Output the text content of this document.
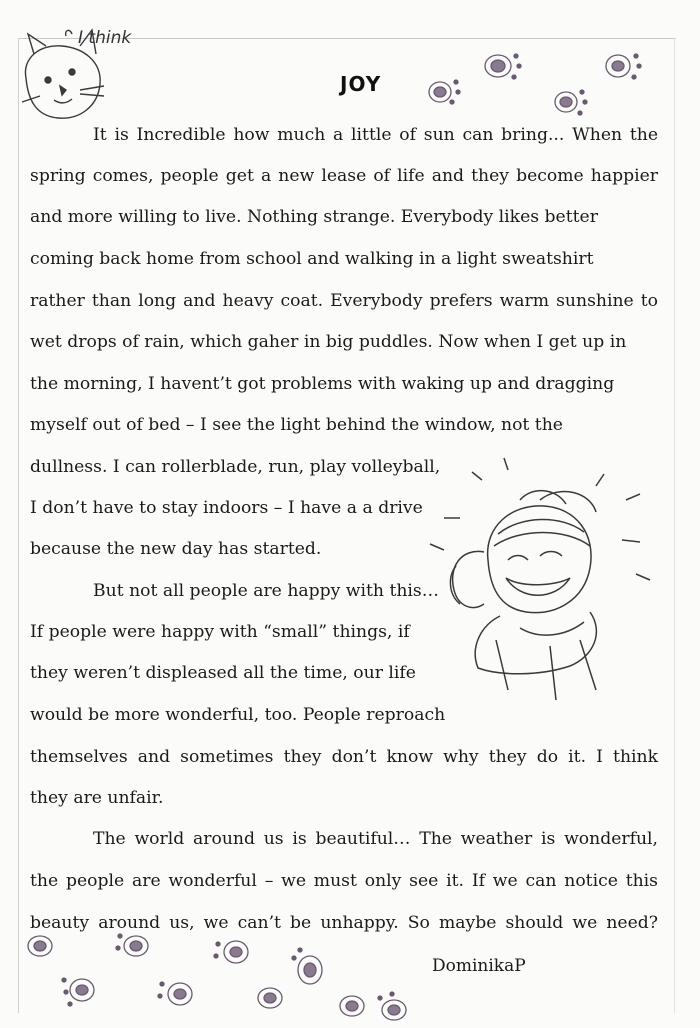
I think
JOY
It is Incredible how much a little of sun can bring... When the
spring comes, people get a new lease of life and they become happier
and more willing to live. Nothing strange. Everybody likes better
coming back home from school and walking in a light sweatshirt
rather than long and heavy coat. Everybody prefers warm sunshine to
wet drops of rain, which gaher in big puddles. Now when I get up in
the morning, I havent’t got problems with waking up and dragging
myself out of bed – I see the light behind the window, not the
dullness. I can rollerblade, run, play volleyball,
I don’t have to stay indoors – I have a a drive
because the new day has started.
But not all people are happy with this…
If people were happy with “small” things, if
they weren’t displeased all the time, our life
would be more wonderful, too. People reproach
themselves and sometimes they don’t know why they do it. I think
they are unfair.
The world around us is beautiful… The weather is wonderful,
the people are wonderful – we must only see it. If we can notice this
beauty around us, we can’t be unhappy. So maybe should we need?
DominikaP
